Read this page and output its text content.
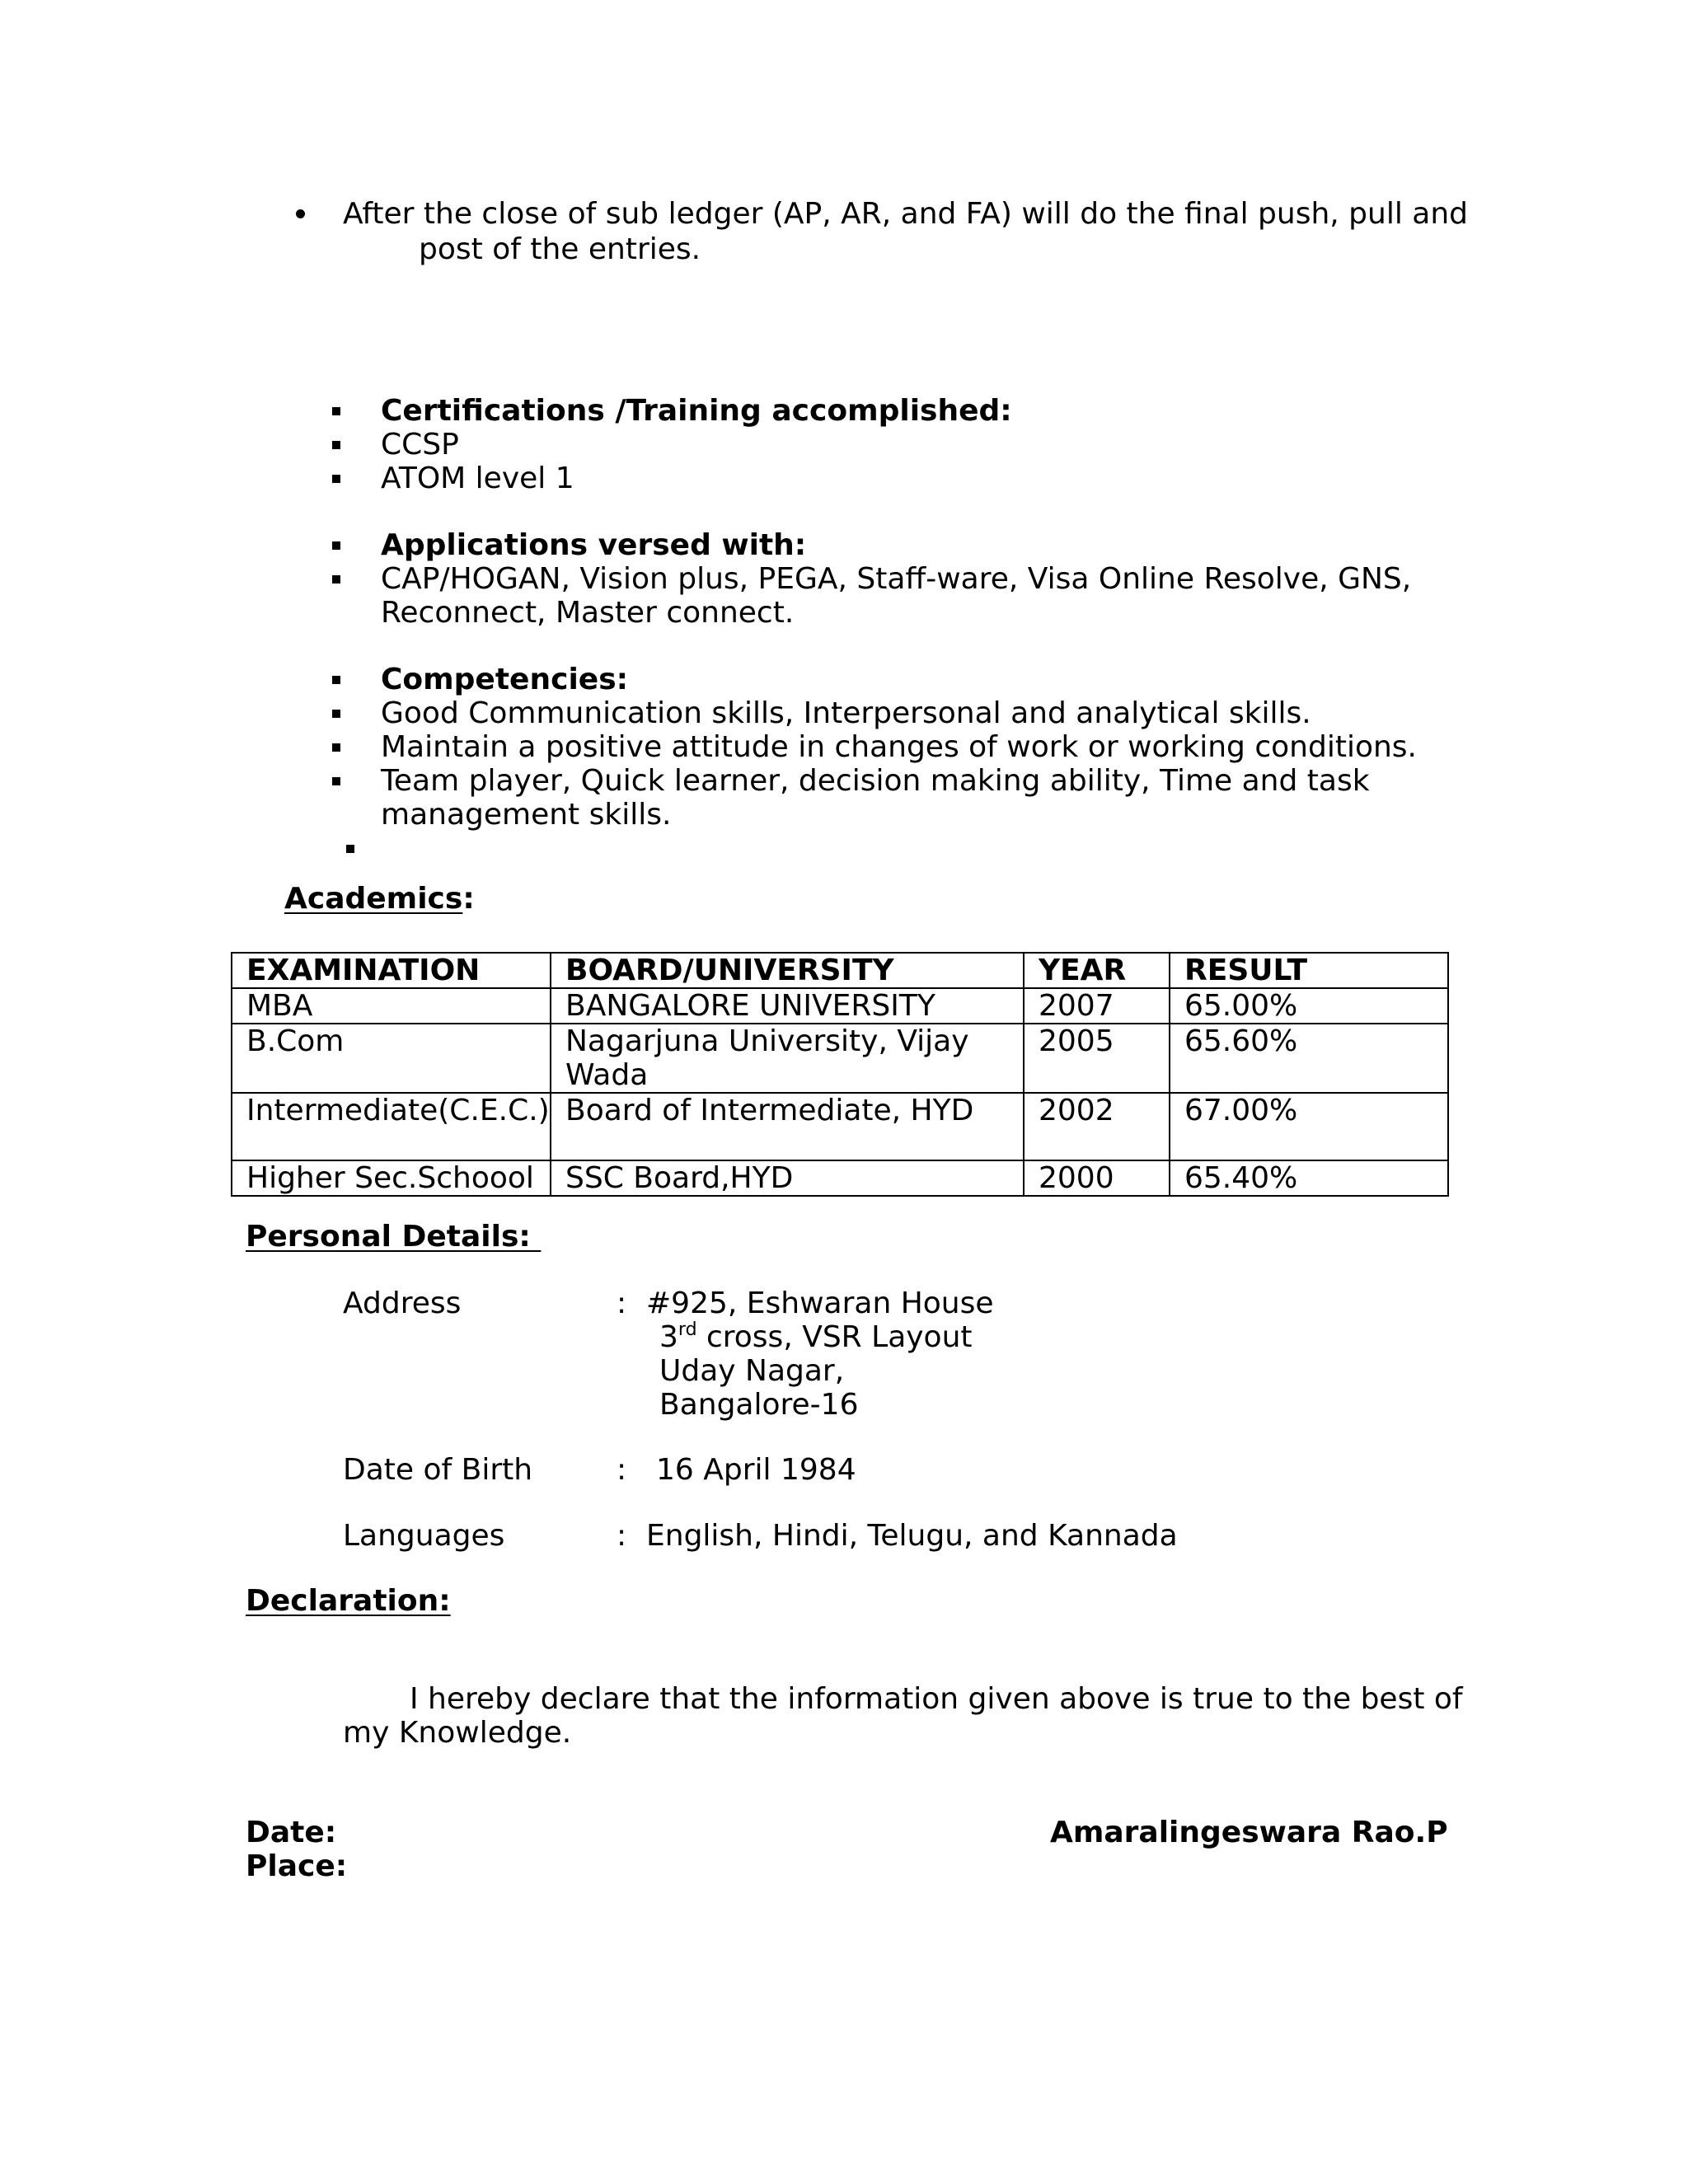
After the close of sub ledger (AP, AR, and FA) will do the final push, pull and
post of the entries.
Certifications /Training accomplished:
CCSP
ATOM level 1
Applications versed with:
CAP/HOGAN, Vision plus, PEGA, Staff-ware, Visa Online Resolve, GNS,
Reconnect, Master connect.
Competencies:
Good Communication skills, Interpersonal and analytical skills.
Maintain a positive attitude in changes of work or working conditions.
Team player, Quick learner, decision making ability, Time and task
management skills.
Academics:
EXAMINATION	BOARD/UNIVERSITY	YEAR	RESULT
MBA	BANGALORE UNIVERSITY	2007	65.00%
B.Com	Nagarjuna University, Vijay Wada	2005	65.60%
Intermediate(C.E.C.)	Board of Intermediate, HYD	2002	67.00%
Higher Sec.Schoool	SSC Board,HYD	2000	65.40%
Personal Details:
Address	: #925, Eshwaran House
3rd cross, VSR Layout
Uday Nagar,
Bangalore-16
Date of Birth	: 16 April 1984
Languages	: English, Hindi, Telugu, and Kannada
Declaration:
I hereby declare that the information given above is true to the best of
my Knowledge.
Date:
Place:
Amaralingeswara Rao.P
